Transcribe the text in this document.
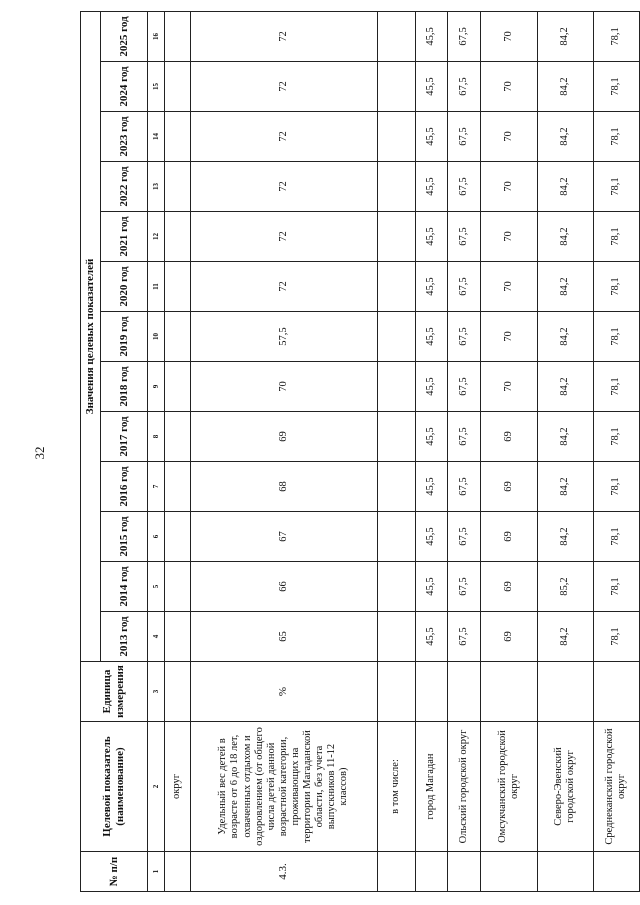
32
№ п/п	Целевой показатель (наименование)	Единица измерения	Значения целевых показателей												
			2013 год	2014 год	2015 год	2016 год	2017 год	2018 год	2019 год	2020 год	2021 год	2022 год	2023 год	2024 год	2025 год
1	2	3	4	5	6	7	8	9	10	11	12	13	14	15	16
	округ														
4.3.	Удельный вес детей в возрасте от 6 до 18 лет, охваченных отдыхом и оздоровлением (от общего числа детей данной возрастной категории, проживающих на территории Магаданской области, без учета выпускников 11-12 классов)	%	65	66	67	68	69	70	57,5	72	72	72	72	72	72
	в том числе:														
	город Магадан		45,5	45,5	45,5	45,5	45,5	45,5	45,5	45,5	45,5	45,5	45,5	45,5	45,5
	Ольский городской округ		67,5	67,5	67,5	67,5	67,5	67,5	67,5	67,5	67,5	67,5	67,5	67,5	67,5
	Омсукчанский городской округ		69	69	69	69	69	70	70	70	70	70	70	70	70
	Северо-Эвенский городской округ		84,2	85,2	84,2	84,2	84,2	84,2	84,2	84,2	84,2	84,2	84,2	84,2	84,2
	Среднеканский городской округ		78,1	78,1	78,1	78,1	78,1	78,1	78,1	78,1	78,1	78,1	78,1	78,1	78,1
